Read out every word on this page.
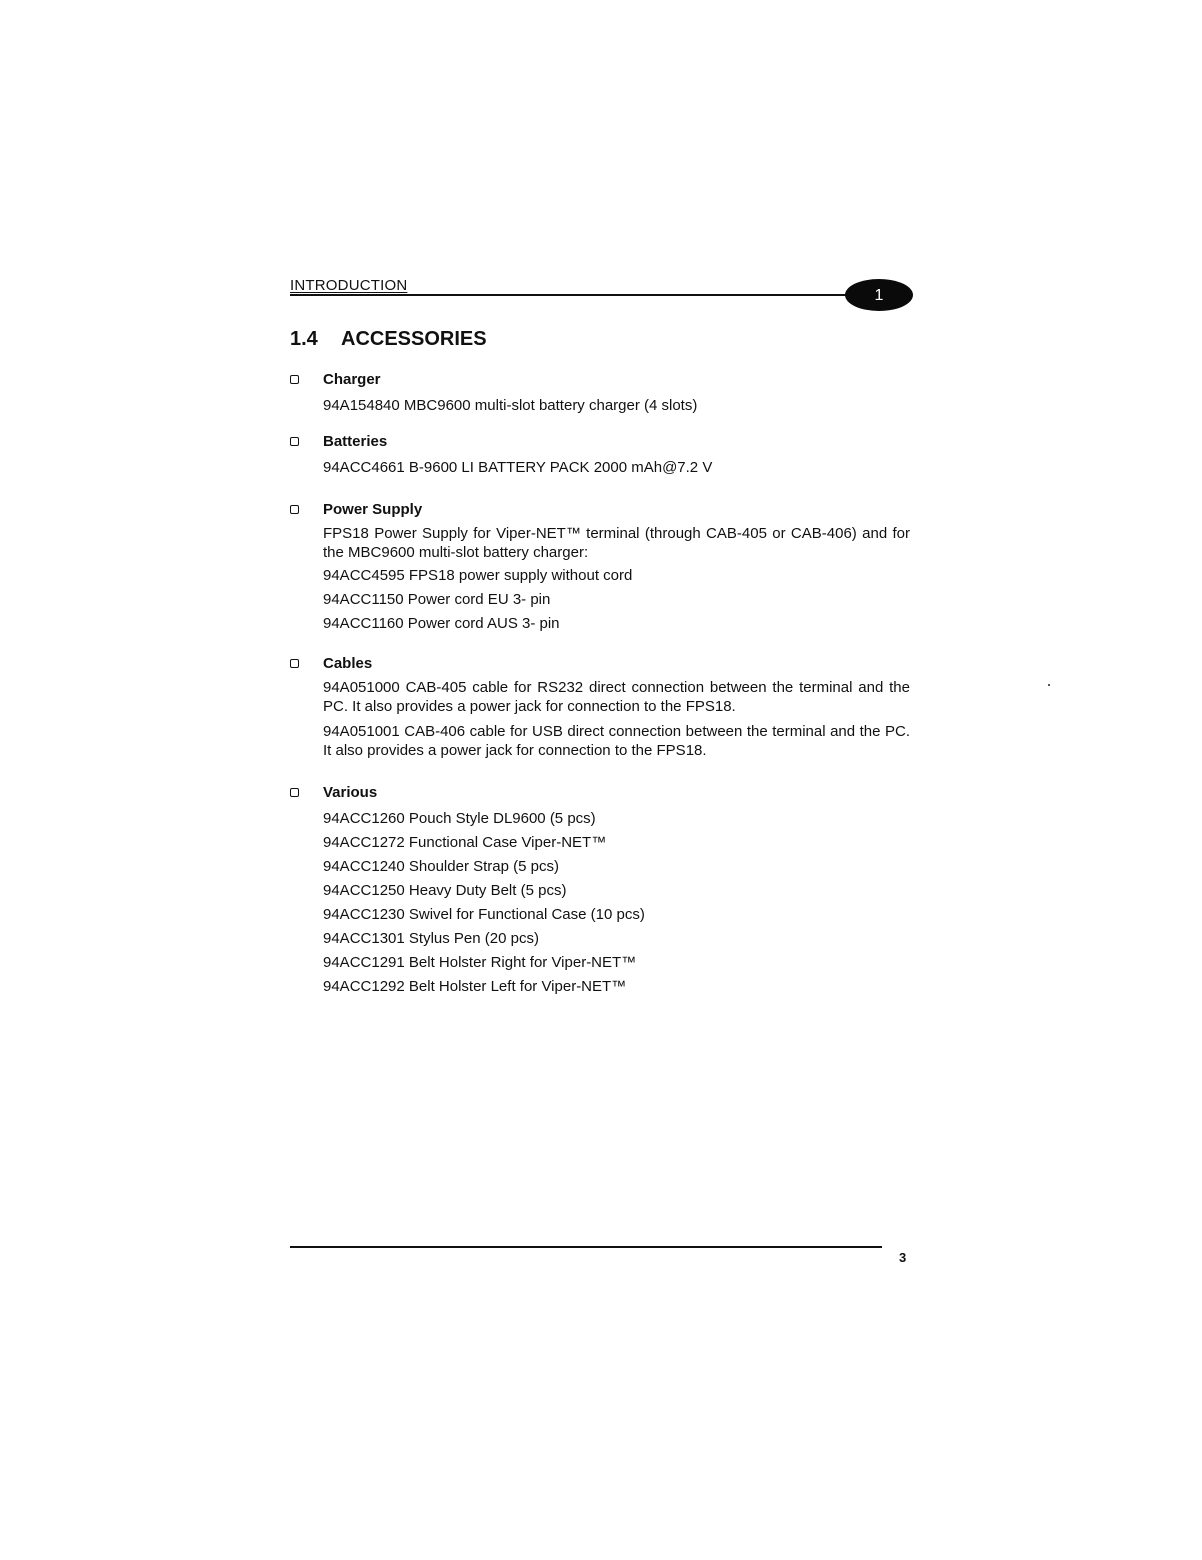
INTRODUCTION
1
1.4 ACCESSORIES
Charger
94A154840 MBC9600 multi-slot battery charger (4 slots)
Batteries
94ACC4661 B-9600 LI BATTERY PACK 2000 mAh@7.2 V
Power Supply
FPS18 Power Supply for Viper-NET™ terminal (through CAB-405 or CAB-406) and for the MBC9600 multi-slot battery charger:
94ACC4595 FPS18 power supply without cord
94ACC1150 Power cord EU 3- pin
94ACC1160 Power cord AUS 3- pin
Cables
94A051000 CAB-405 cable for RS232 direct connection between the terminal and the PC. It also provides a power jack for connection to the FPS18.
94A051001 CAB-406 cable for USB direct connection between the terminal and the PC. It also provides a power jack for connection to the FPS18.
Various
94ACC1260 Pouch Style DL9600 (5 pcs)
94ACC1272 Functional Case Viper-NET™
94ACC1240 Shoulder Strap (5 pcs)
94ACC1250 Heavy Duty Belt (5 pcs)
94ACC1230 Swivel for Functional Case (10 pcs)
94ACC1301 Stylus Pen (20 pcs)
94ACC1291 Belt Holster Right for Viper-NET™
94ACC1292 Belt Holster Left for Viper-NET™
3
